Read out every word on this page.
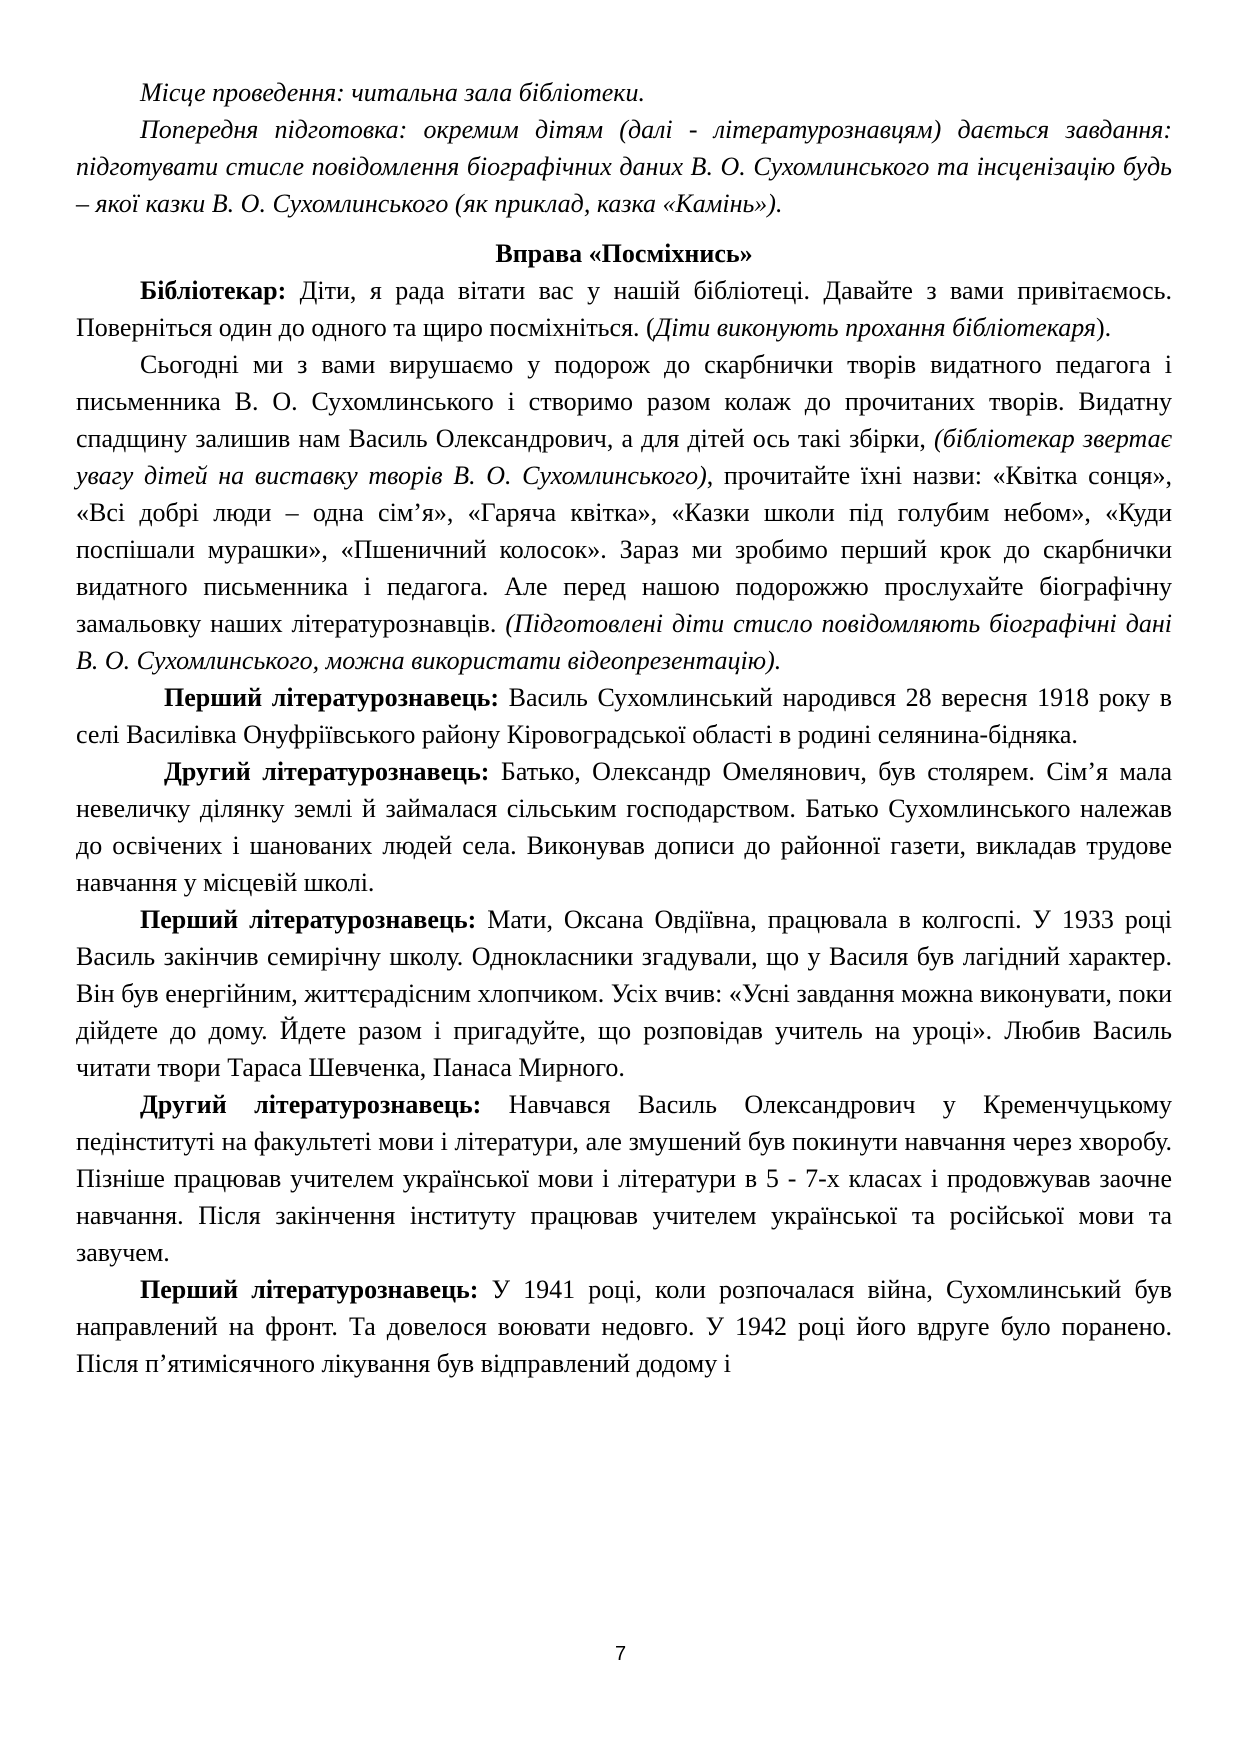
Місце проведення: читальна зала бібліотеки.

Попередня підготовка: окремим дітям (далі - літературознавцям) дається завдання: підготувати стисле повідомлення біографічних даних В. О. Сухомлинського та інсценізацію будь – якої казки В. О. Сухомлинського (як приклад, казка «Камінь»).

Вправа «Посміхнись»

Бібліотекар: Діти, я рада вітати вас у нашій бібліотеці. Давайте з вами привітаємось. Поверніться один до одного та щиро посміхніться. (Діти виконують прохання бібліотекаря).

Сьогодні ми з вами вирушаємо у подорож до скарбнички творів видатного педагога і письменника В. О. Сухомлинського і створимо разом колаж до прочитаних творів. Видатну спадщину залишив нам Василь Олександрович, а для дітей ось такі збірки, (бібліотекар звертає увагу дітей на виставку творів В. О. Сухомлинського), прочитайте їхні назви: «Квітка сонця», «Всі добрі люди – одна сім’я», «Гаряча квітка», «Казки школи під голубим небом», «Куди поспішали мурашки», «Пшеничний колосок». Зараз ми зробимо перший крок до скарбнички видатного письменника і педагога. Але перед нашою подорожжю прослухайте біографічну замальовку наших літературознавців. (Підготовлені діти стисло повідомляють біографічні дані В. О. Сухомлинського, можна використати відеопрезентацію).

Перший літературознавець: Василь Сухомлинський народився 28 вересня 1918 року в селі Василівка Онуфріївського району Кіровоградської області в родині селянина-бідняка.

Другий літературознавець: Батько, Олександр Омелянович, був столярем. Сім’я мала невеличку ділянку землі й займалася сільським господарством. Батько Сухомлинського належав до освічених і шанованих людей села. Виконував дописи до районної газети, викладав трудове навчання у місцевій школі.

Перший літературознавець: Мати, Оксана Овдіївна, працювала в колгоспі. У 1933 році Василь закінчив семирічну школу. Однокласники згадували, що у Василя був лагідний характер. Він був енергійним, життєрадісним хлопчиком. Усіх вчив: «Усні завдання можна виконувати, поки дійдете до дому. Йдете разом і пригадуйте, що розповідав учитель на уроці». Любив Василь читати твори Тараса Шевченка, Панаса Мирного.

Другий літературознавець: Навчався Василь Олександрович у Кременчуцькому педінституті на факультеті мови і літератури, але змушений був покинути навчання через хворобу. Пізніше працював учителем української мови і літератури в 5 - 7-х класах і продовжував заочне навчання. Після закінчення інституту працював учителем української та російської мови та завучем.

Перший літературознавець: У 1941 році, коли розпочалася війна, Сухомлинський був направлений на фронт. Та довелося воювати недовго. У 1942 році його вдруге було поранено. Після п’ятимісячного лікування був відправлений додому і

7
